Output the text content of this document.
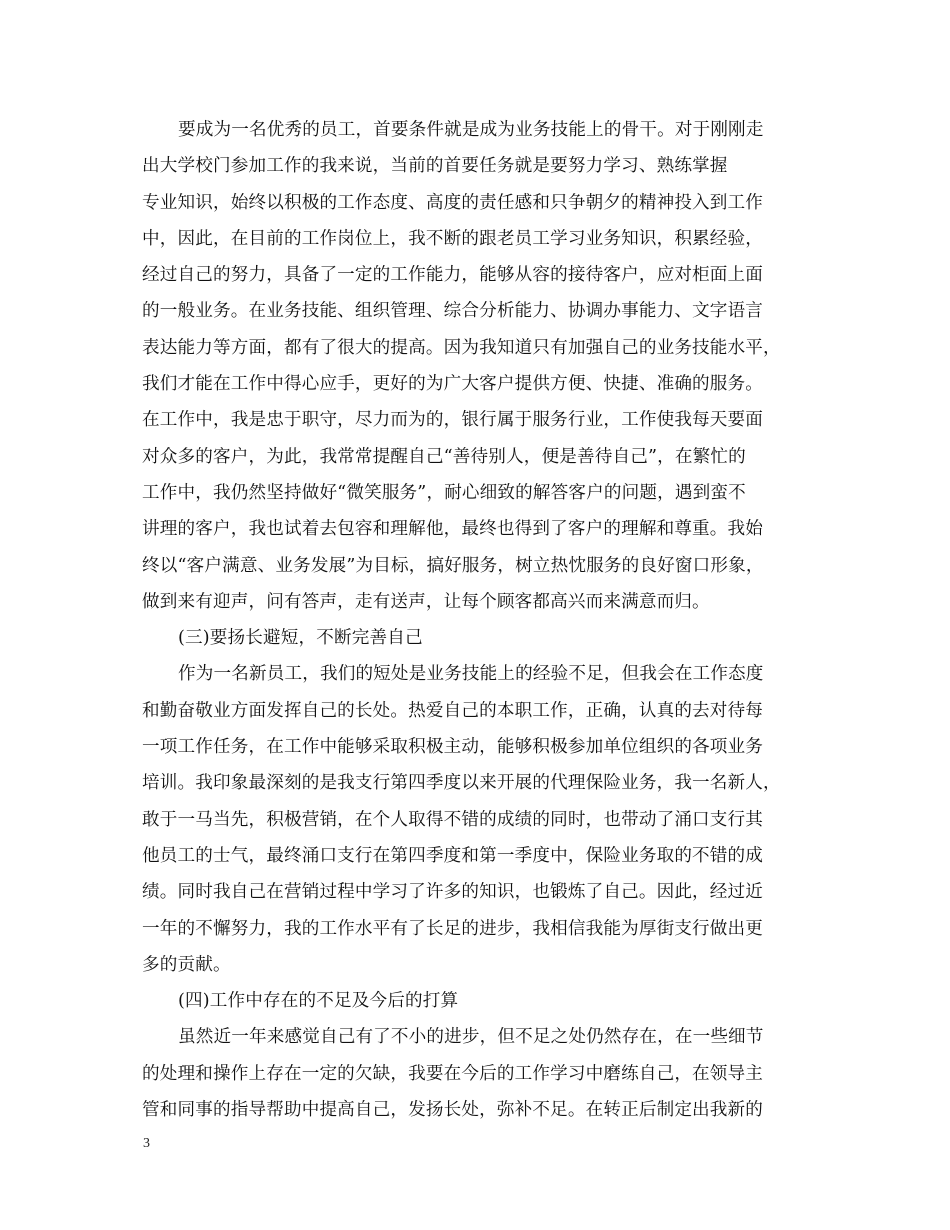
要成为一名优秀的员工，首要条件就是成为业务技能上的骨干。对于刚刚走
出大学校门参加工作的我来说，当前的首要任务就是要努力学习、熟练掌握
专业知识，始终以积极的工作态度、高度的责任感和只争朝夕的精神投入到工作
中，因此，在目前的工作岗位上，我不断的跟老员工学习业务知识，积累经验，
经过自己的努力，具备了一定的工作能力，能够从容的接待客户，应对柜面上面
的一般业务。在业务技能、组织管理、综合分析能力、协调办事能力、文字语言
表达能力等方面，都有了很大的提高。因为我知道只有加强自己的业务技能水平，
我们才能在工作中得心应手，更好的为广大客户提供方便、快捷、准确的服务。
在工作中，我是忠于职守，尽力而为的，银行属于服务行业，工作使我每天要面
对众多的客户，为此，我常常提醒自己“善待别人，便是善待自己”，在繁忙的
工作中，我仍然坚持做好“微笑服务”，耐心细致的解答客户的问题，遇到蛮不
讲理的客户，我也试着去包容和理解他，最终也得到了客户的理解和尊重。我始
终以“客户满意、业务发展”为目标，搞好服务，树立热忱服务的良好窗口形象，
做到来有迎声，问有答声，走有送声，让每个顾客都高兴而来满意而归。
(三)要扬长避短，不断完善自己
作为一名新员工，我们的短处是业务技能上的经验不足，但我会在工作态度
和勤奋敬业方面发挥自己的长处。热爱自己的本职工作，正确，认真的去对待每
一项工作任务，在工作中能够采取积极主动，能够积极参加单位组织的各项业务
培训。我印象最深刻的是我支行第四季度以来开展的代理保险业务，我一名新人，
敢于一马当先，积极营销，在个人取得不错的成绩的同时，也带动了涌口支行其
他员工的士气，最终涌口支行在第四季度和第一季度中，保险业务取的不错的成
绩。同时我自己在营销过程中学习了许多的知识，也锻炼了自己。因此，经过近
一年的不懈努力，我的工作水平有了长足的进步，我相信我能为厚街支行做出更
多的贡献。
(四)工作中存在的不足及今后的打算
虽然近一年来感觉自己有了不小的进步，但不足之处仍然存在，在一些细节
的处理和操作上存在一定的欠缺，我要在今后的工作学习中磨练自己，在领导主
管和同事的指导帮助中提高自己，发扬长处，弥补不足。在转正后制定出我新的
3
